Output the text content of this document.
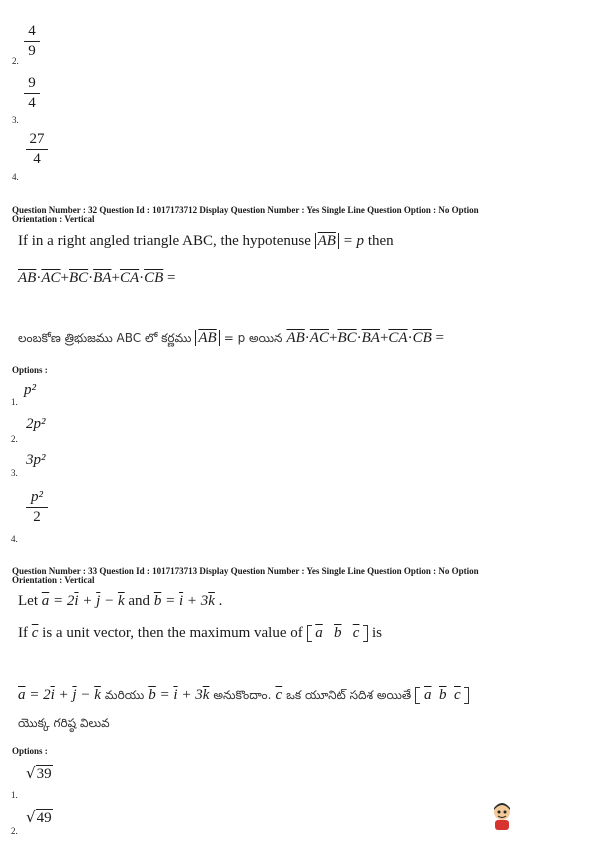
2.
4
9
3.
9
4
4.
27
4
Question Number : 32 Question Id : 1017173712 Display Question Number : Yes Single Line Question Option : No Option
Orientation : Vertical
If in a right angled triangle ABC, the hypotenuse $\overline{AB} = p$ then
$\overline{AB}\cdot\overline{AC}+\overline{BC}\cdot\overline{BA}+\overline{CA}\cdot\overline{CB}$ =
లంబకోణ త్రిభుజము ABC లో కర్ణము $\overline{AB} = p$ అయిన $\overline{AB}\cdot\overline{AC}+\overline{BC}\cdot\overline{BA}+\overline{CA}\cdot\overline{CB}$ =
Options :
1.
p²
2.
2p²
3.
3p²
4.
p²
2
Question Number : 33 Question Id : 1017173713 Display Question Number : Yes Single Line Question Option : No Option
Orientation : Vertical
Let $\overline{a} = 2\overline{i} + \overline{j} - \overline{k}$ and $\overline{b} = \overline{i} + 3\overline{k}$ .
If $\overline{c}$ is a unit vector, then the maximum value of $\overline{a}$ $\overline{b}$ $\overline{c}$ is
$\overline{a} = 2\overline{i} + \overline{j} - \overline{k}$ మరియు $\overline{b} = \overline{i} + 3\overline{k}$ అనుకొందాం. $\overline{c}$ ఒక యూనిట్ సదిశ అయితే $\overline{a}$ $\overline{b}$ $\overline{c}$
యొక్క గరిష్ఠ విలువ
Options :
1.
√39
2.
√49
